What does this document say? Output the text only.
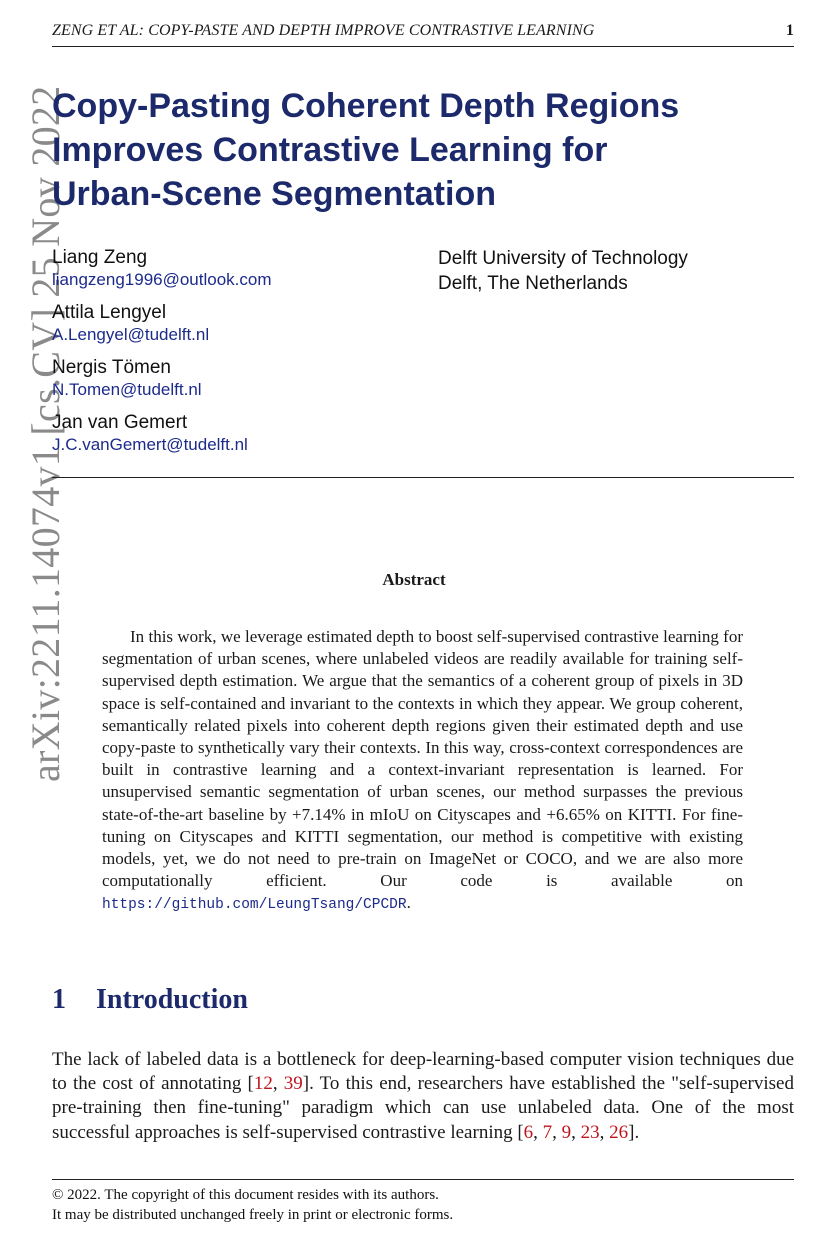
ZENG ET AL: COPY-PASTE AND DEPTH IMPROVE CONTRASTIVE LEARNING	1
arXiv:2211.14074v1 [cs.CV] 25 Nov 2022
Copy-Pasting Coherent Depth Regions
Improves Contrastive Learning for
Urban-Scene Segmentation
Liang Zeng
liangzeng1996@outlook.com
Attila Lengyel
A.Lengyel@tudelft.nl
Nergis Tömen
N.Tomen@tudelft.nl
Jan van Gemert
J.C.vanGemert@tudelft.nl
Delft University of Technology
Delft, The Netherlands
Abstract

In this work, we leverage estimated depth to boost self-supervised contrastive learning for segmentation of urban scenes, where unlabeled videos are readily available for training self-supervised depth estimation. We argue that the semantics of a coherent group of pixels in 3D space is self-contained and invariant to the contexts in which they appear. We group coherent, semantically related pixels into coherent depth regions given their estimated depth and use copy-paste to synthetically vary their contexts. In this way, cross-context correspondences are built in contrastive learning and a context-invariant representation is learned. For unsupervised semantic segmentation of urban scenes, our method surpasses the previous state-of-the-art baseline by +7.14% in mIoU on Cityscapes and +6.65% on KITTI. For fine-tuning on Cityscapes and KITTI segmentation, our method is competitive with existing models, yet, we do not need to pre-train on ImageNet or COCO, and we are also more computationally efficient. Our code is available on https://github.com/LeungTsang/CPCDR.

1 Introduction

The lack of labeled data is a bottleneck for deep-learning-based computer vision techniques due to the cost of annotating [12, 39]. To this end, researchers have established the "self-supervised pre-training then fine-tuning" paradigm which can use unlabeled data. One of the most successful approaches is self-supervised contrastive learning [6, 7, 9, 23, 26].

© 2022. The copyright of this document resides with its authors.
It may be distributed unchanged freely in print or electronic forms.
